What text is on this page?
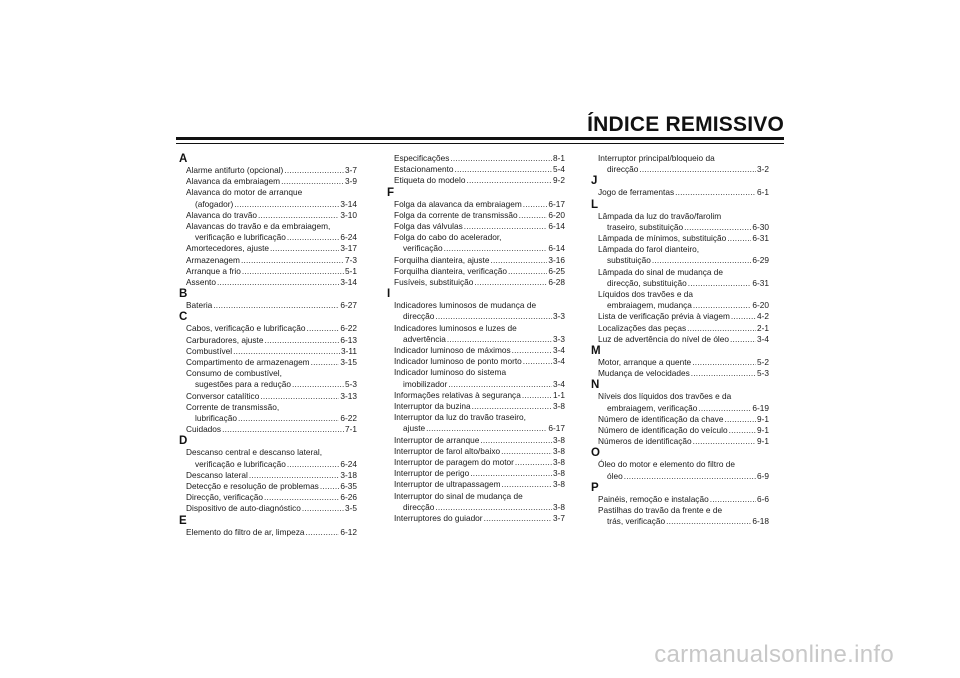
ÍNDICE REMISSIVO
A
Alarme antifurto (opcional) .....	3-7
Alavanca da embraiagem .....	3-9
Alavanca do motor de arranque
(afogador) .....	3-14
Alavanca do travão .....	3-10
Alavancas do travão e da embraiagem,
verificação e lubrificação .....	6-24
Amortecedores, ajuste .....	3-17
Armazenagem .....	7-3
Arranque a frio .....	5-1
Assento .....	3-14
B
Bateria .....	6-27
C
Cabos, verificação e lubrificação .....	6-22
Carburadores, ajuste .....	6-13
Combustível .....	3-11
Compartimento de armazenagem .....	3-15
Consumo de combustível,
sugestões para a redução .....	5-3
Conversor catalítico .....	3-13
Corrente de transmissão,
lubrificação .....	6-22
Cuidados .....	7-1
D
Descanso central e descanso lateral,
verificação e lubrificação .....	6-24
Descanso lateral .....	3-18
Detecção e resolução de problemas .....	6-35
Direcção, verificação .....	6-26
Dispositivo de auto-diagnóstico .....	3-5
E
Elemento do filtro de ar, limpeza .....	6-12
Especificações .....	8-1
Estacionamento .....	5-4
Etiqueta do modelo .....	9-2
F
Folga da alavanca da embraiagem .....	6-17
Folga da corrente de transmissão .....	6-20
Folga das válvulas .....	6-14
Folga do cabo do acelerador,
verificação .....	6-14
Forquilha dianteira, ajuste .....	3-16
Forquilha dianteira, verificação .....	6-25
Fusíveis, substituição .....	6-28
I
Indicadores luminosos de mudança de
direcção .....	3-3
Indicadores luminosos e luzes de
advertência .....	3-3
Indicador luminoso de máximos .....	3-4
Indicador luminoso de ponto morto .....	3-4
Indicador luminoso do sistema
imobilizador .....	3-4
Informações relativas à segurança .....	1-1
Interruptor da buzina .....	3-8
Interruptor da luz do travão traseiro,
ajuste .....	6-17
Interruptor de arranque .....	3-8
Interruptor de farol alto/baixo .....	3-8
Interruptor de paragem do motor .....	3-8
Interruptor de perigo .....	3-8
Interruptor de ultrapassagem .....	3-8
Interruptor do sinal de mudança de
direcção .....	3-8
Interruptores do guiador .....	3-7
Interruptor principal/bloqueio da
direcção .....	3-2
J
Jogo de ferramentas .....	6-1
L
Lâmpada da luz do travão/farolim
traseiro, substituição .....	6-30
Lâmpada de mínimos, substituição .....	6-31
Lâmpada do farol dianteiro,
substituição .....	6-29
Lâmpada do sinal de mudança de
direcção, substituição .....	6-31
Líquidos dos travões e da
embraiagem, mudança .....	6-20
Lista de verificação prévia à viagem .....	4-2
Localizações das peças .....	2-1
Luz de advertência do nível de óleo .....	3-4
M
Motor, arranque a quente .....	5-2
Mudança de velocidades .....	5-3
N
Níveis dos líquidos dos travões e da
embraiagem, verificação .....	6-19
Número de identificação da chave .....	9-1
Número de identificação do veículo .....	9-1
Números de identificação .....	9-1
O
Óleo do motor e elemento do filtro de
óleo .....	6-9
P
Painéis, remoção e instalação .....	6-6
Pastilhas do travão da frente e de
trás, verificação .....	6-18
carmanualsonline.info
